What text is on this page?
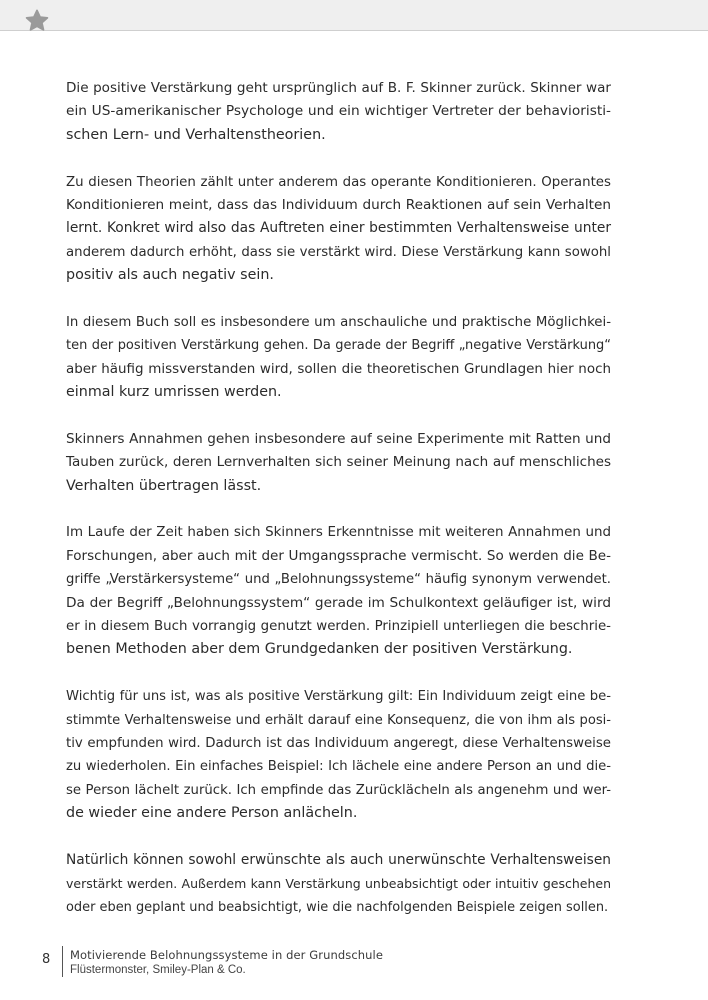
Die positive Verstärkung geht ursprünglich auf B. F. Skinner zurück. Skinner war
ein US-amerikanischer Psychologe und ein wichtiger Vertreter der behavioristi-
schen Lern- und Verhaltenstheorien.
Zu diesen Theorien zählt unter anderem das operante Konditionieren. Operantes
Konditionieren meint, dass das Individuum durch Reaktionen auf sein Verhalten
lernt. Konkret wird also das Auftreten einer bestimmten Verhaltensweise unter
anderem dadurch erhöht, dass sie verstärkt wird. Diese Verstärkung kann sowohl
positiv als auch negativ sein.
In diesem Buch soll es insbesondere um anschauliche und praktische Möglichkei-
ten der positiven Verstärkung gehen. Da gerade der Begriff „negative Verstärkung“
aber häufig missverstanden wird, sollen die theoretischen Grundlagen hier noch
einmal kurz umrissen werden.
Skinners Annahmen gehen insbesondere auf seine Experimente mit Ratten und
Tauben zurück, deren Lernverhalten sich seiner Meinung nach auf menschliches
Verhalten übertragen lässt.
Im Laufe der Zeit haben sich Skinners Erkenntnisse mit weiteren Annahmen und
Forschungen, aber auch mit der Umgangssprache vermischt. So werden die Be-
griffe „Verstärkersysteme“ und „Belohnungssysteme“ häufig synonym verwendet.
Da der Begriff „Belohnungssystem“ gerade im Schulkontext geläufiger ist, wird
er in diesem Buch vorrangig genutzt werden. Prinzipiell unterliegen die beschrie-
benen Methoden aber dem Grundgedanken der positiven Verstärkung.
Wichtig für uns ist, was als positive Verstärkung gilt: Ein Individuum zeigt eine be-
stimmte Verhaltensweise und erhält darauf eine Konsequenz, die von ihm als posi-
tiv empfunden wird. Dadurch ist das Individuum angeregt, diese Verhaltensweise
zu wiederholen. Ein einfaches Beispiel: Ich lächele eine andere Person an und die-
se Person lächelt zurück. Ich empfinde das Zurücklächeln als angenehm und wer-
de wieder eine andere Person anlächeln.
Natürlich können sowohl erwünschte als auch unerwünschte Verhaltensweisen
verstärkt werden. Außerdem kann Verstärkung unbeabsichtigt oder intuitiv geschehen
oder eben geplant und beabsichtigt, wie die nachfolgenden Beispiele zeigen sollen.
8 Motivierende Belohnungssysteme in der Grundschule
Flüstermonster, Smiley-Plan & Co.
